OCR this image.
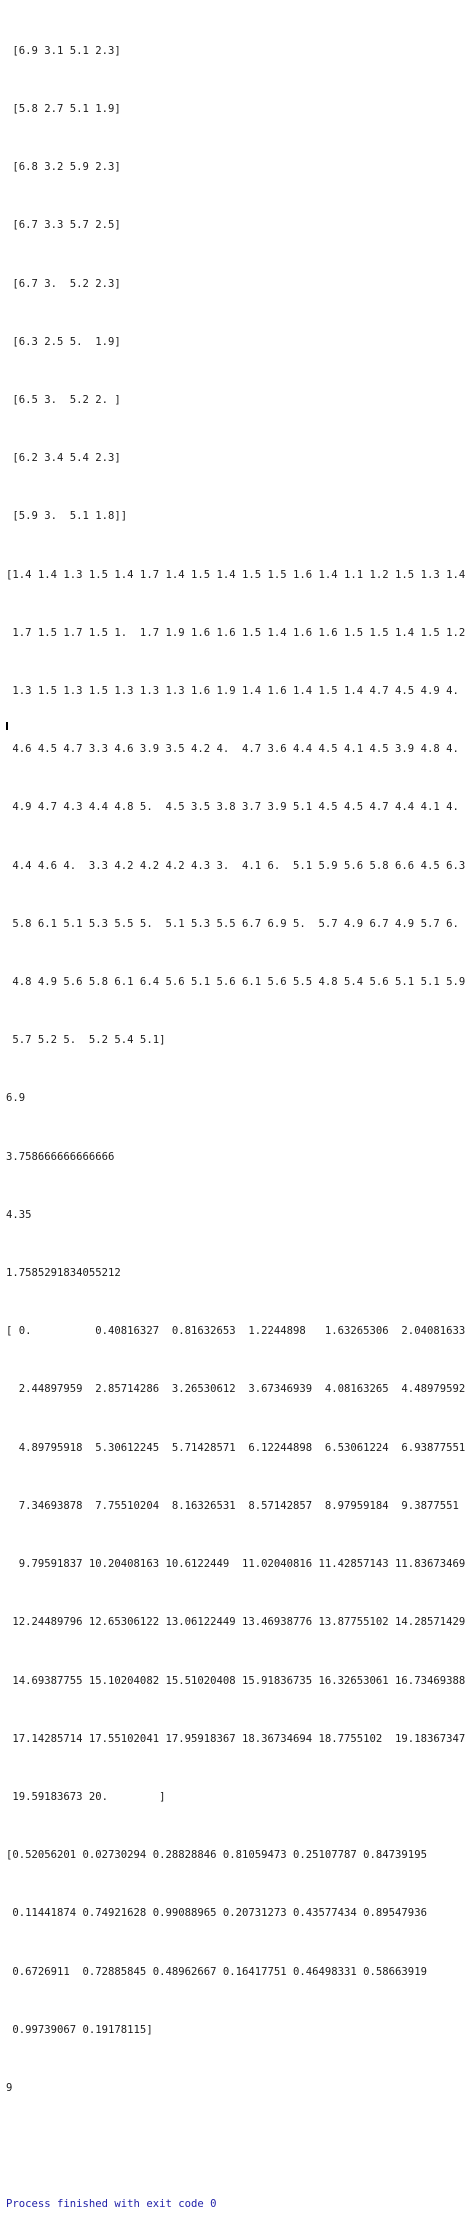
[6.9 3.1 5.1 2.3]

[5.8 2.7 5.1 1.9]

[6.8 3.2 5.9 2.3]

[6.7 3.3 5.7 2.5]

[6.7 3.  5.2 2.3]

[6.3 2.5 5.  1.9]

[6.5 3.  5.2 2. ]

[6.2 3.4 5.4 2.3]

[5.9 3.  5.1 1.8]]

[1.4 1.4 1.3 1.5 1.4 1.7 1.4 1.5 1.4 1.5 1.5 1.6 1.4 1.1 1.2 1.5 1.3 1.4

1.7 1.5 1.7 1.5 1.  1.7 1.9 1.6 1.6 1.5 1.4 1.6 1.6 1.5 1.5 1.4 1.5 1.2

1.3 1.5 1.3 1.5 1.3 1.3 1.3 1.6 1.9 1.4 1.6 1.4 1.5 1.4 4.7 4.5 4.9 4.

4.6 4.5 4.7 3.3 4.6 3.9 3.5 4.2 4.  4.7 3.6 4.4 4.5 4.1 4.5 3.9 4.8 4.

4.9 4.7 4.3 4.4 4.8 5.  4.5 3.5 3.8 3.7 3.9 5.1 4.5 4.5 4.7 4.4 4.1 4.

4.4 4.6 4.  3.3 4.2 4.2 4.2 4.3 3.  4.1 6.  5.1 5.9 5.6 5.8 6.6 4.5 6.3

5.8 6.1 5.1 5.3 5.5 5.  5.1 5.3 5.5 6.7 6.9 5.  5.7 4.9 6.7 4.9 5.7 6.

4.8 4.9 5.6 5.8 6.1 6.4 5.6 5.1 5.6 6.1 5.6 5.5 4.8 5.4 5.6 5.1 5.1 5.9

5.7 5.2 5.  5.2 5.4 5.1]

6.9

3.758666666666666

4.35

1.7585291834055212

[ 0.          0.40816327  0.81632653  1.2244898   1.63265306  2.04081633

2.44897959  2.85714286  3.26530612  3.67346939  4.08163265  4.48979592

4.89795918  5.30612245  5.71428571  6.12244898  6.53061224  6.93877551

7.34693878  7.75510204  8.16326531  8.57142857  8.97959184  9.3877551

9.79591837 10.20408163 10.6122449  11.02040816 11.42857143 11.83673469

12.24489796 12.65306122 13.06122449 13.46938776 13.87755102 14.28571429

14.69387755 15.10204082 15.51020408 15.91836735 16.32653061 16.73469388

17.14285714 17.55102041 17.95918367 18.36734694 18.7755102  19.18367347

19.59183673 20.        ]

[0.52056201 0.02730294 0.28828846 0.81059473 0.25107787 0.84739195

0.11441874 0.74921628 0.99088965 0.20731273 0.43577434 0.89547936

0.6726911  0.72885845 0.48962667 0.16417751 0.46498331 0.58663919

0.99739067 0.19178115]

9

Process finished with exit code 0
